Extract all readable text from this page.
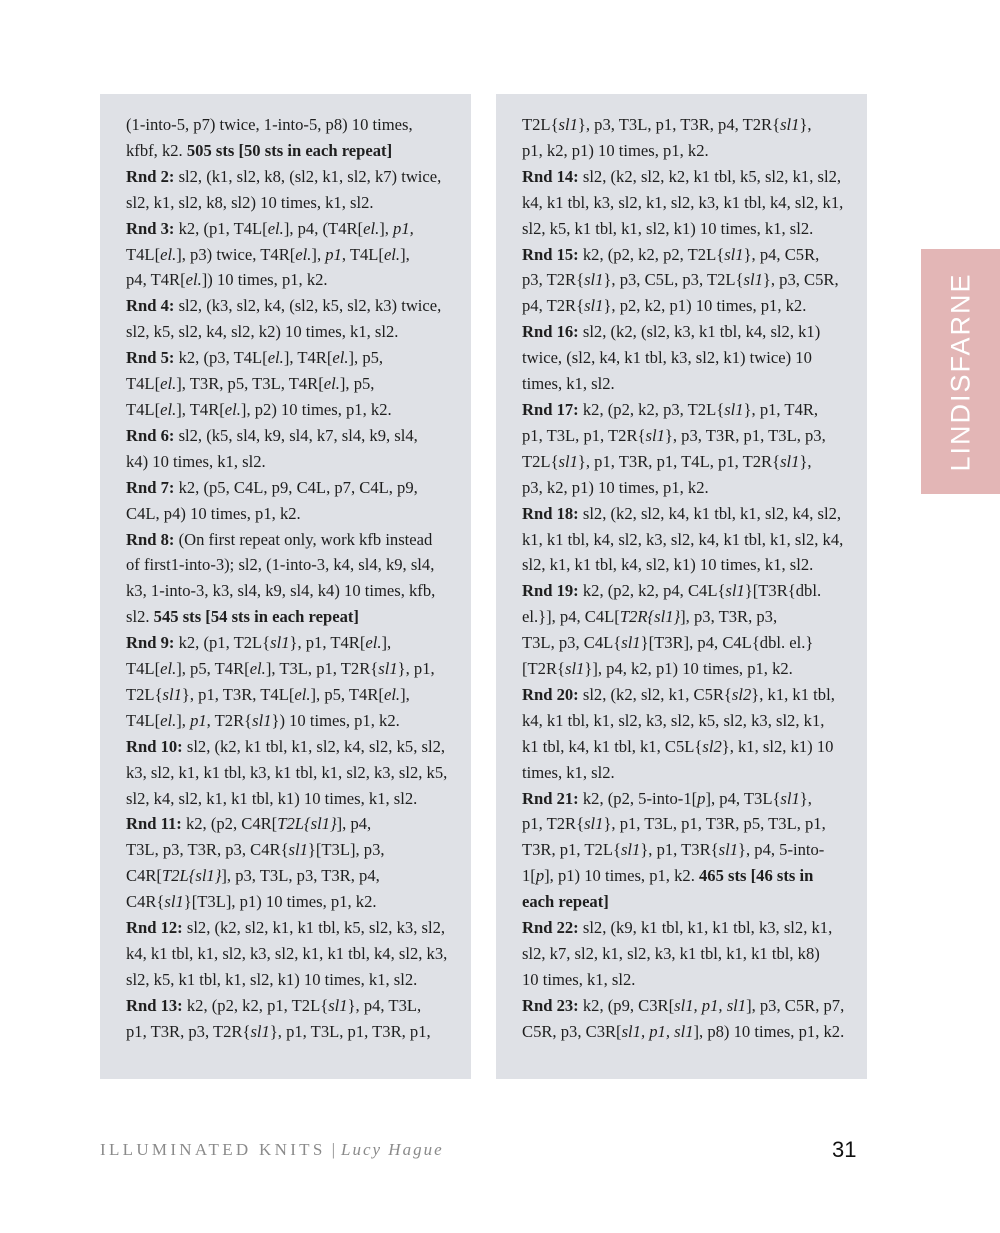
(1-into-5, p7) twice, 1-into-5, p8) 10 times,
kfbf, k2. 505 sts [50 sts in each repeat]
Rnd 2: sl2, (k1, sl2, k8, (sl2, k1, sl2, k7) twice,
sl2, k1, sl2, k8, sl2) 10 times, k1, sl2.
Rnd 3: k2, (p1, T4L[el.], p4, (T4R[el.], p1,
T4L[el.], p3) twice, T4R[el.], p1, T4L[el.],
p4, T4R[el.]) 10 times, p1, k2.
Rnd 4: sl2, (k3, sl2, k4, (sl2, k5, sl2, k3) twice,
sl2, k5, sl2, k4, sl2, k2) 10 times, k1, sl2.
Rnd 5: k2, (p3, T4L[el.], T4R[el.], p5,
T4L[el.], T3R, p5, T3L, T4R[el.], p5,
T4L[el.], T4R[el.], p2) 10 times, p1, k2.
Rnd 6: sl2, (k5, sl4, k9, sl4, k7, sl4, k9, sl4,
k4) 10 times, k1, sl2.
Rnd 7: k2, (p5, C4L, p9, C4L, p7, C4L, p9,
C4L, p4) 10 times, p1, k2.
Rnd 8: (On first repeat only, work kfb instead
of first1-into-3); sl2, (1-into-3, k4, sl4, k9, sl4,
k3, 1-into-3, k3, sl4, k9, sl4, k4) 10 times, kfb,
sl2. 545 sts [54 sts in each repeat]
Rnd 9: k2, (p1, T2L{sl1}, p1, T4R[el.],
T4L[el.], p5, T4R[el.], T3L, p1, T2R{sl1}, p1,
T2L{sl1}, p1, T3R, T4L[el.], p5, T4R[el.],
T4L[el.], p1, T2R{sl1}) 10 times, p1, k2.
Rnd 10: sl2, (k2, k1 tbl, k1, sl2, k4, sl2, k5, sl2,
k3, sl2, k1, k1 tbl, k3, k1 tbl, k1, sl2, k3, sl2, k5,
sl2, k4, sl2, k1, k1 tbl, k1) 10 times, k1, sl2.
Rnd 11: k2, (p2, C4R[T2L{sl1}], p4,
T3L, p3, T3R, p3, C4R{sl1}[T3L], p3,
C4R[T2L{sl1}], p3, T3L, p3, T3R, p4,
C4R{sl1}[T3L], p1) 10 times, p1, k2.
Rnd 12: sl2, (k2, sl2, k1, k1 tbl, k5, sl2, k3, sl2,
k4, k1 tbl, k1, sl2, k3, sl2, k1, k1 tbl, k4, sl2, k3,
sl2, k5, k1 tbl, k1, sl2, k1) 10 times, k1, sl2.
Rnd 13: k2, (p2, k2, p1, T2L{sl1}, p4, T3L,
p1, T3R, p3, T2R{sl1}, p1, T3L, p1, T3R, p1,
T2L{sl1}, p3, T3L, p1, T3R, p4, T2R{sl1},
p1, k2, p1) 10 times, p1, k2.
Rnd 14: sl2, (k2, sl2, k2, k1 tbl, k5, sl2, k1, sl2,
k4, k1 tbl, k3, sl2, k1, sl2, k3, k1 tbl, k4, sl2, k1,
sl2, k5, k1 tbl, k1, sl2, k1) 10 times, k1, sl2.
Rnd 15: k2, (p2, k2, p2, T2L{sl1}, p4, C5R,
p3, T2R{sl1}, p3, C5L, p3, T2L{sl1}, p3, C5R,
p4, T2R{sl1}, p2, k2, p1) 10 times, p1, k2.
Rnd 16: sl2, (k2, (sl2, k3, k1 tbl, k4, sl2, k1)
twice, (sl2, k4, k1 tbl, k3, sl2, k1) twice) 10
times, k1, sl2.
Rnd 17: k2, (p2, k2, p3, T2L{sl1}, p1, T4R,
p1, T3L, p1, T2R{sl1}, p3, T3R, p1, T3L, p3,
T2L{sl1}, p1, T3R, p1, T4L, p1, T2R{sl1},
p3, k2, p1) 10 times, p1, k2.
Rnd 18: sl2, (k2, sl2, k4, k1 tbl, k1, sl2, k4, sl2,
k1, k1 tbl, k4, sl2, k3, sl2, k4, k1 tbl, k1, sl2, k4,
sl2, k1, k1 tbl, k4, sl2, k1) 10 times, k1, sl2.
Rnd 19: k2, (p2, k2, p4, C4L{sl1}[T3R{dbl.
el.}], p4, C4L[T2R{sl1}], p3, T3R, p3,
T3L, p3, C4L{sl1}[T3R], p4, C4L{dbl. el.}
[T2R{sl1}], p4, k2, p1) 10 times, p1, k2.
Rnd 20: sl2, (k2, sl2, k1, C5R{sl2}, k1, k1 tbl,
k4, k1 tbl, k1, sl2, k3, sl2, k5, sl2, k3, sl2, k1,
k1 tbl, k4, k1 tbl, k1, C5L{sl2}, k1, sl2, k1) 10
times, k1, sl2.
Rnd 21: k2, (p2, 5-into-1[p], p4, T3L{sl1},
p1, T2R{sl1}, p1, T3L, p1, T3R, p5, T3L, p1,
T3R, p1, T2L{sl1}, p1, T3R{sl1}, p4, 5-into-
1[p], p1) 10 times, p1, k2. 465 sts [46 sts in
each repeat]
Rnd 22: sl2, (k9, k1 tbl, k1, k1 tbl, k3, sl2, k1,
sl2, k7, sl2, k1, sl2, k3, k1 tbl, k1, k1 tbl, k8)
10 times, k1, sl2.
Rnd 23: k2, (p9, C3R[sl1, p1, sl1], p3, C5R, p7,
C5R, p3, C3R[sl1, p1, sl1], p8) 10 times, p1, k2.
LINDISFARNE
ILLUMINATED KNITS | Lucy Hague	31
